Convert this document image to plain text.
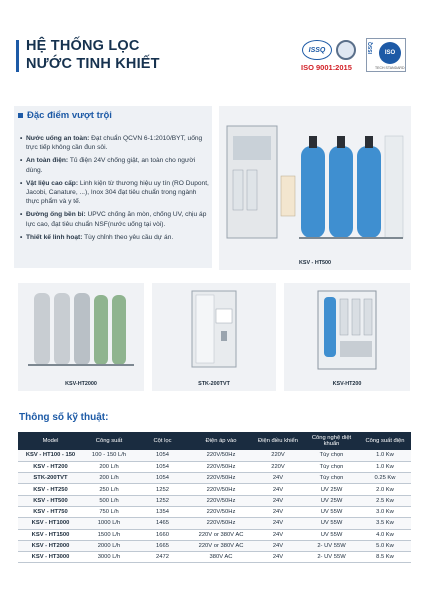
HỆ THỐNG LỌC
NƯỚC TINH KHIẾT
ISSQ
ISO 9001:2015
ISSQ	ISO
TECH STANDARD
Đặc điểm vượt trội
• Nước uống an toàn: Đạt chuẩn QCVN 6-1:2010/BYT, uống trực tiếp không cần đun sôi.
• An toàn điện: Tủ điện 24V chống giật, an toàn cho người dùng.
• Vật liệu cao cấp: Linh kiện từ thương hiệu uy tín (RO Dupont, Jacobi, Canature, ...), Inox 304 đạt tiêu chuẩn trong ngành thực phẩm và y tế.
• Đường ống bền bỉ: UPVC chống ăn mòn, chống UV, chịu áp lực cao, đạt tiêu chuẩn NSF(nước uống tại vòi).
• Thiết kế linh hoạt: Tùy chỉnh theo yêu cầu dự án.
KSV - HT500
KSV-HT2000	STK-200TVT	KSV-HT200
Thông số kỹ thuật:
Model	Công suất	Cột lọc	Điện áp vào	Điện điều khiển	Công nghệ diệt khuẩn	Công suất điện
KSV - HT100 - 150	100 - 150 L/h	1054	220V/50Hz	220V	Tùy chọn	1.0 Kw
KSV - HT200	200 L/h	1054	220V/50Hz	220V	Tùy chọn	1.0 Kw
STK-200TVT	200 L/h	1054	220V/50Hz	24V	Tùy chọn	0.25 Kw
KSV - HT250	250 L/h	1252	220V/50Hz	24V	UV 25W	2.0 Kw
KSV - HT500	500 L/h	1252	220V/50Hz	24V	UV 25W	2.5 Kw
KSV - HT750	750 L/h	1354	220V/50Hz	24V	UV 55W	3.0 Kw
KSV - HT1000	1000 L/h	1465	220V/50Hz	24V	UV 55W	3.5 Kw
KSV - HT1500	1500 L/h	1660	220V or 380V AC	24V	UV 55W	4.0 Kw
KSV - HT2000	2000 L/h	1665	220V or 380V AC	24V	2- UV 55W	5.0 Kw
KSV - HT3000	3000 L/h	2472	380V AC	24V	2- UV 55W	8.5 Kw
